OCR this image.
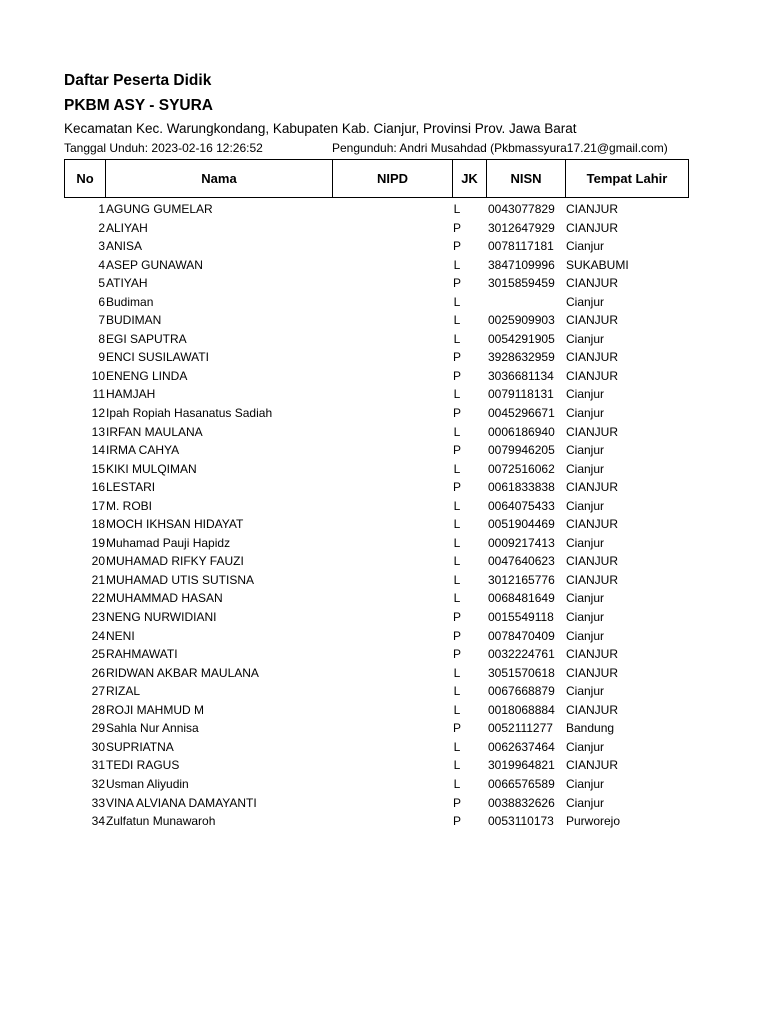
Daftar Peserta Didik
PKBM ASY - SYURA
Kecamatan Kec. Warungkondang, Kabupaten Kab. Cianjur, Provinsi Prov. Jawa Barat
Tanggal Unduh: 2023-02-16 12:26:52	Pengunduh: Andri Musahdad (Pkbmassyura17.21@gmail.com)
No	Nama	NIPD	JK	NISN	Tempat Lahir
1 AGUNG GUMELAR	L 0043077829 CIANJUR
2 ALIYAH	P 3012647929 CIANJUR
3 ANISA	P 0078117181 Cianjur
4 ASEP GUNAWAN	L 3847109996 SUKABUMI
5 ATIYAH	P 3015859459 CIANJUR
6 Budiman	L	Cianjur
7 BUDIMAN	L 0025909903 CIANJUR
8 EGI SAPUTRA	L 0054291905 Cianjur
9 ENCI SUSILAWATI	P 3928632959 CIANJUR
10 ENENG LINDA	P 3036681134 CIANJUR
11 HAMJAH	L 0079118131 Cianjur
12 Ipah Ropiah Hasanatus Sadiah	P 0045296671 Cianjur
13 IRFAN MAULANA	L 0006186940 CIANJUR
14 IRMA CAHYA	P 0079946205 Cianjur
15 KIKI MULQIMAN	L 0072516062 Cianjur
16 LESTARI	P 0061833838 CIANJUR
17 M. ROBI	L 0064075433 Cianjur
18 MOCH IKHSAN HIDAYAT	L 0051904469 CIANJUR
19 Muhamad Pauji Hapidz	L 0009217413 Cianjur
20 MUHAMAD RIFKY FAUZI	L 0047640623 CIANJUR
21 MUHAMAD UTIS SUTISNA	L 3012165776 CIANJUR
22 MUHAMMAD HASAN	L 0068481649 Cianjur
23 NENG NURWIDIANI	P 0015549118 Cianjur
24 NENI	P 0078470409 Cianjur
25 RAHMAWATI	P 0032224761 CIANJUR
26 RIDWAN AKBAR MAULANA	L 3051570618 CIANJUR
27 RIZAL	L 0067668879 Cianjur
28 ROJI MAHMUD M	L 0018068884 CIANJUR
29 Sahla Nur Annisa	P 0052111277 Bandung
30 SUPRIATNA	L 0062637464 Cianjur
31 TEDI RAGUS	L 3019964821 CIANJUR
32 Usman Aliyudin	L 0066576589 Cianjur
33 VINA ALVIANA DAMAYANTI	P 0038832626 Cianjur
34 Zulfatun Munawaroh	P 0053110173 Purworejo
